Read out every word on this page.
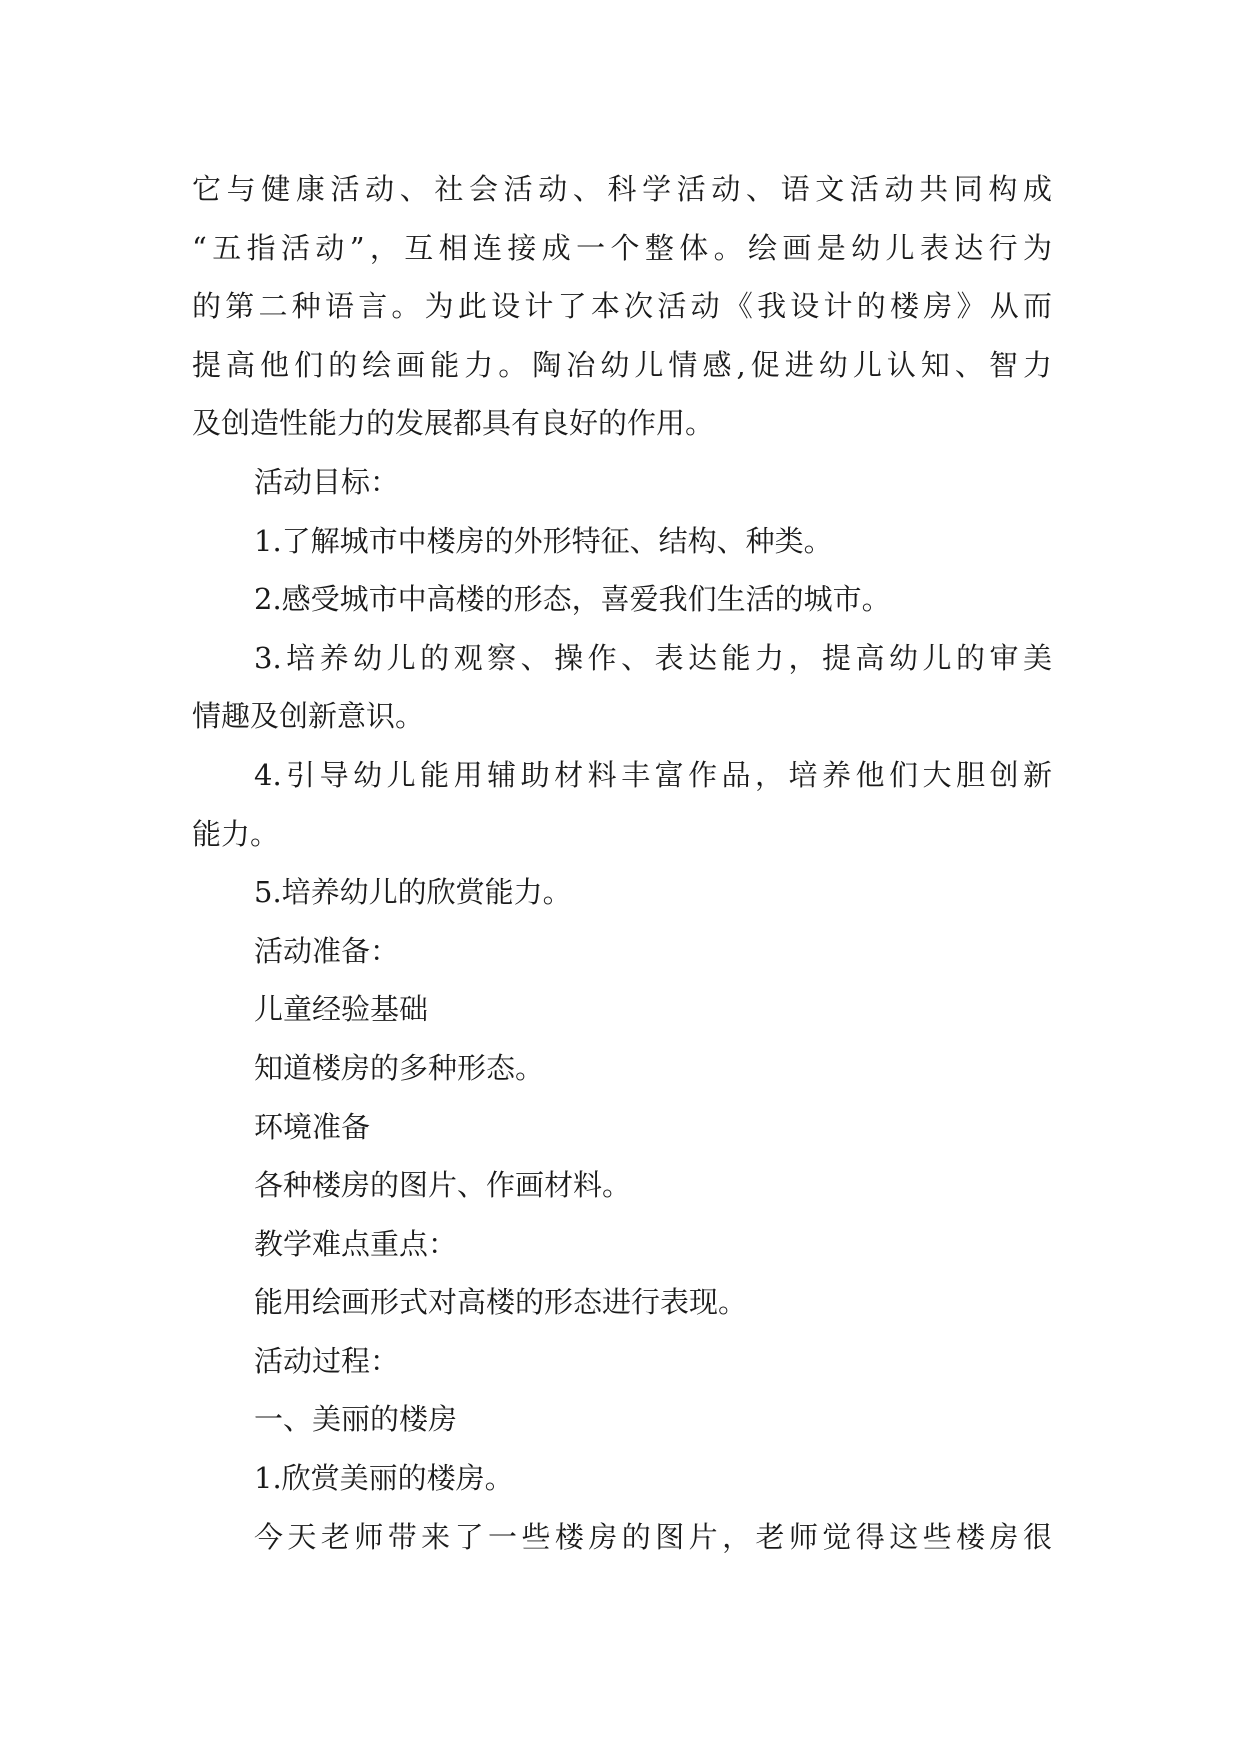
它与健康活动、社会活动、科学活动、语文活动共同构成
“五指活动”，互相连接成一个整体。绘画是幼儿表达行为
的第二种语言。为此设计了本次活动《我设计的楼房》从而
提高他们的绘画能力。陶冶幼儿情感,促进幼儿认知、智力
及创造性能力的发展都具有良好的作用。
活动目标：
1.了解城市中楼房的外形特征、结构、种类。
2.感受城市中高楼的形态，喜爱我们生活的城市。
3.培养幼儿的观察、操作、表达能力，提高幼儿的审美
情趣及创新意识。
4.引导幼儿能用辅助材料丰富作品，培养他们大胆创新
能力。
5.培养幼儿的欣赏能力。
活动准备：
儿童经验基础
知道楼房的多种形态。
环境准备
各种楼房的图片、作画材料。
教学难点重点：
能用绘画形式对高楼的形态进行表现。
活动过程：
一、美丽的楼房
1.欣赏美丽的楼房。
今天老师带来了一些楼房的图片，老师觉得这些楼房很
